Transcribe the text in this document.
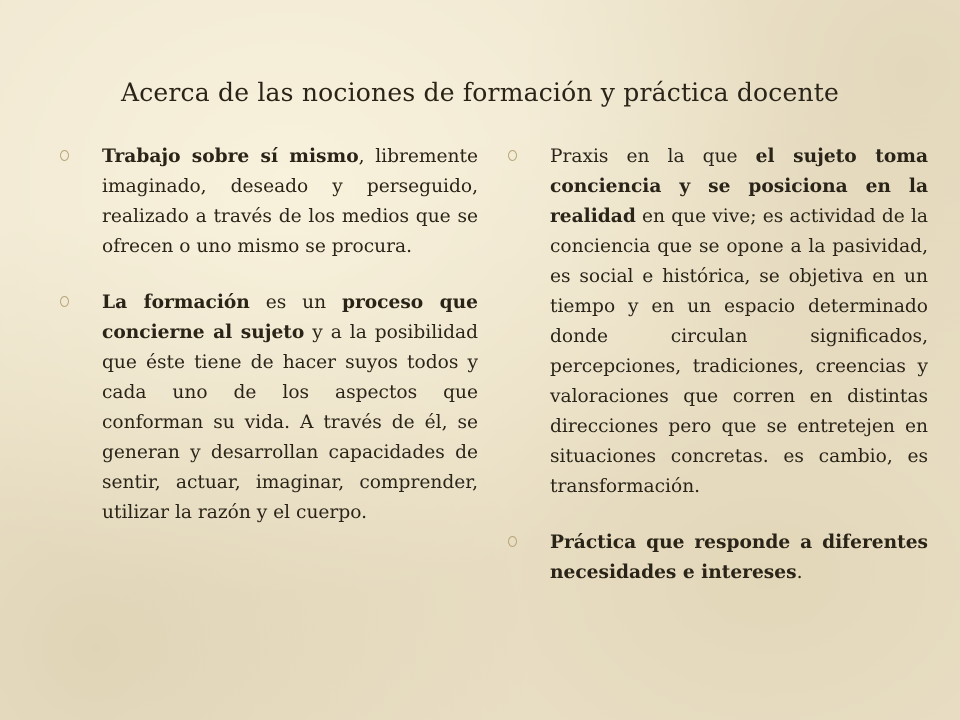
Acerca de las nociones de formación y práctica docente

Trabajo sobre sí mismo, libremente imaginado, deseado y perseguido, realizado a través de los medios que se ofrecen o uno mismo se procura.

La formación es un proceso que concierne al sujeto y a la posibilidad que éste tiene de hacer suyos todos y cada uno de los aspectos que conforman su vida. A través de él, se generan y desarrollan capacidades de sentir, actuar, imaginar, comprender, utilizar la razón y el cuerpo.

Praxis en la que el sujeto toma conciencia y se posiciona en la realidad en que vive; es actividad de la conciencia que se opone a la pasividad, es social e histórica, se objetiva en un tiempo y en un espacio determinado donde circulan significados, percepciones, tradiciones, creencias y valoraciones que corren en distintas direcciones pero que se entretejen en situaciones concretas. es cambio, es transformación.

Práctica que responde a diferentes necesidades e intereses.
